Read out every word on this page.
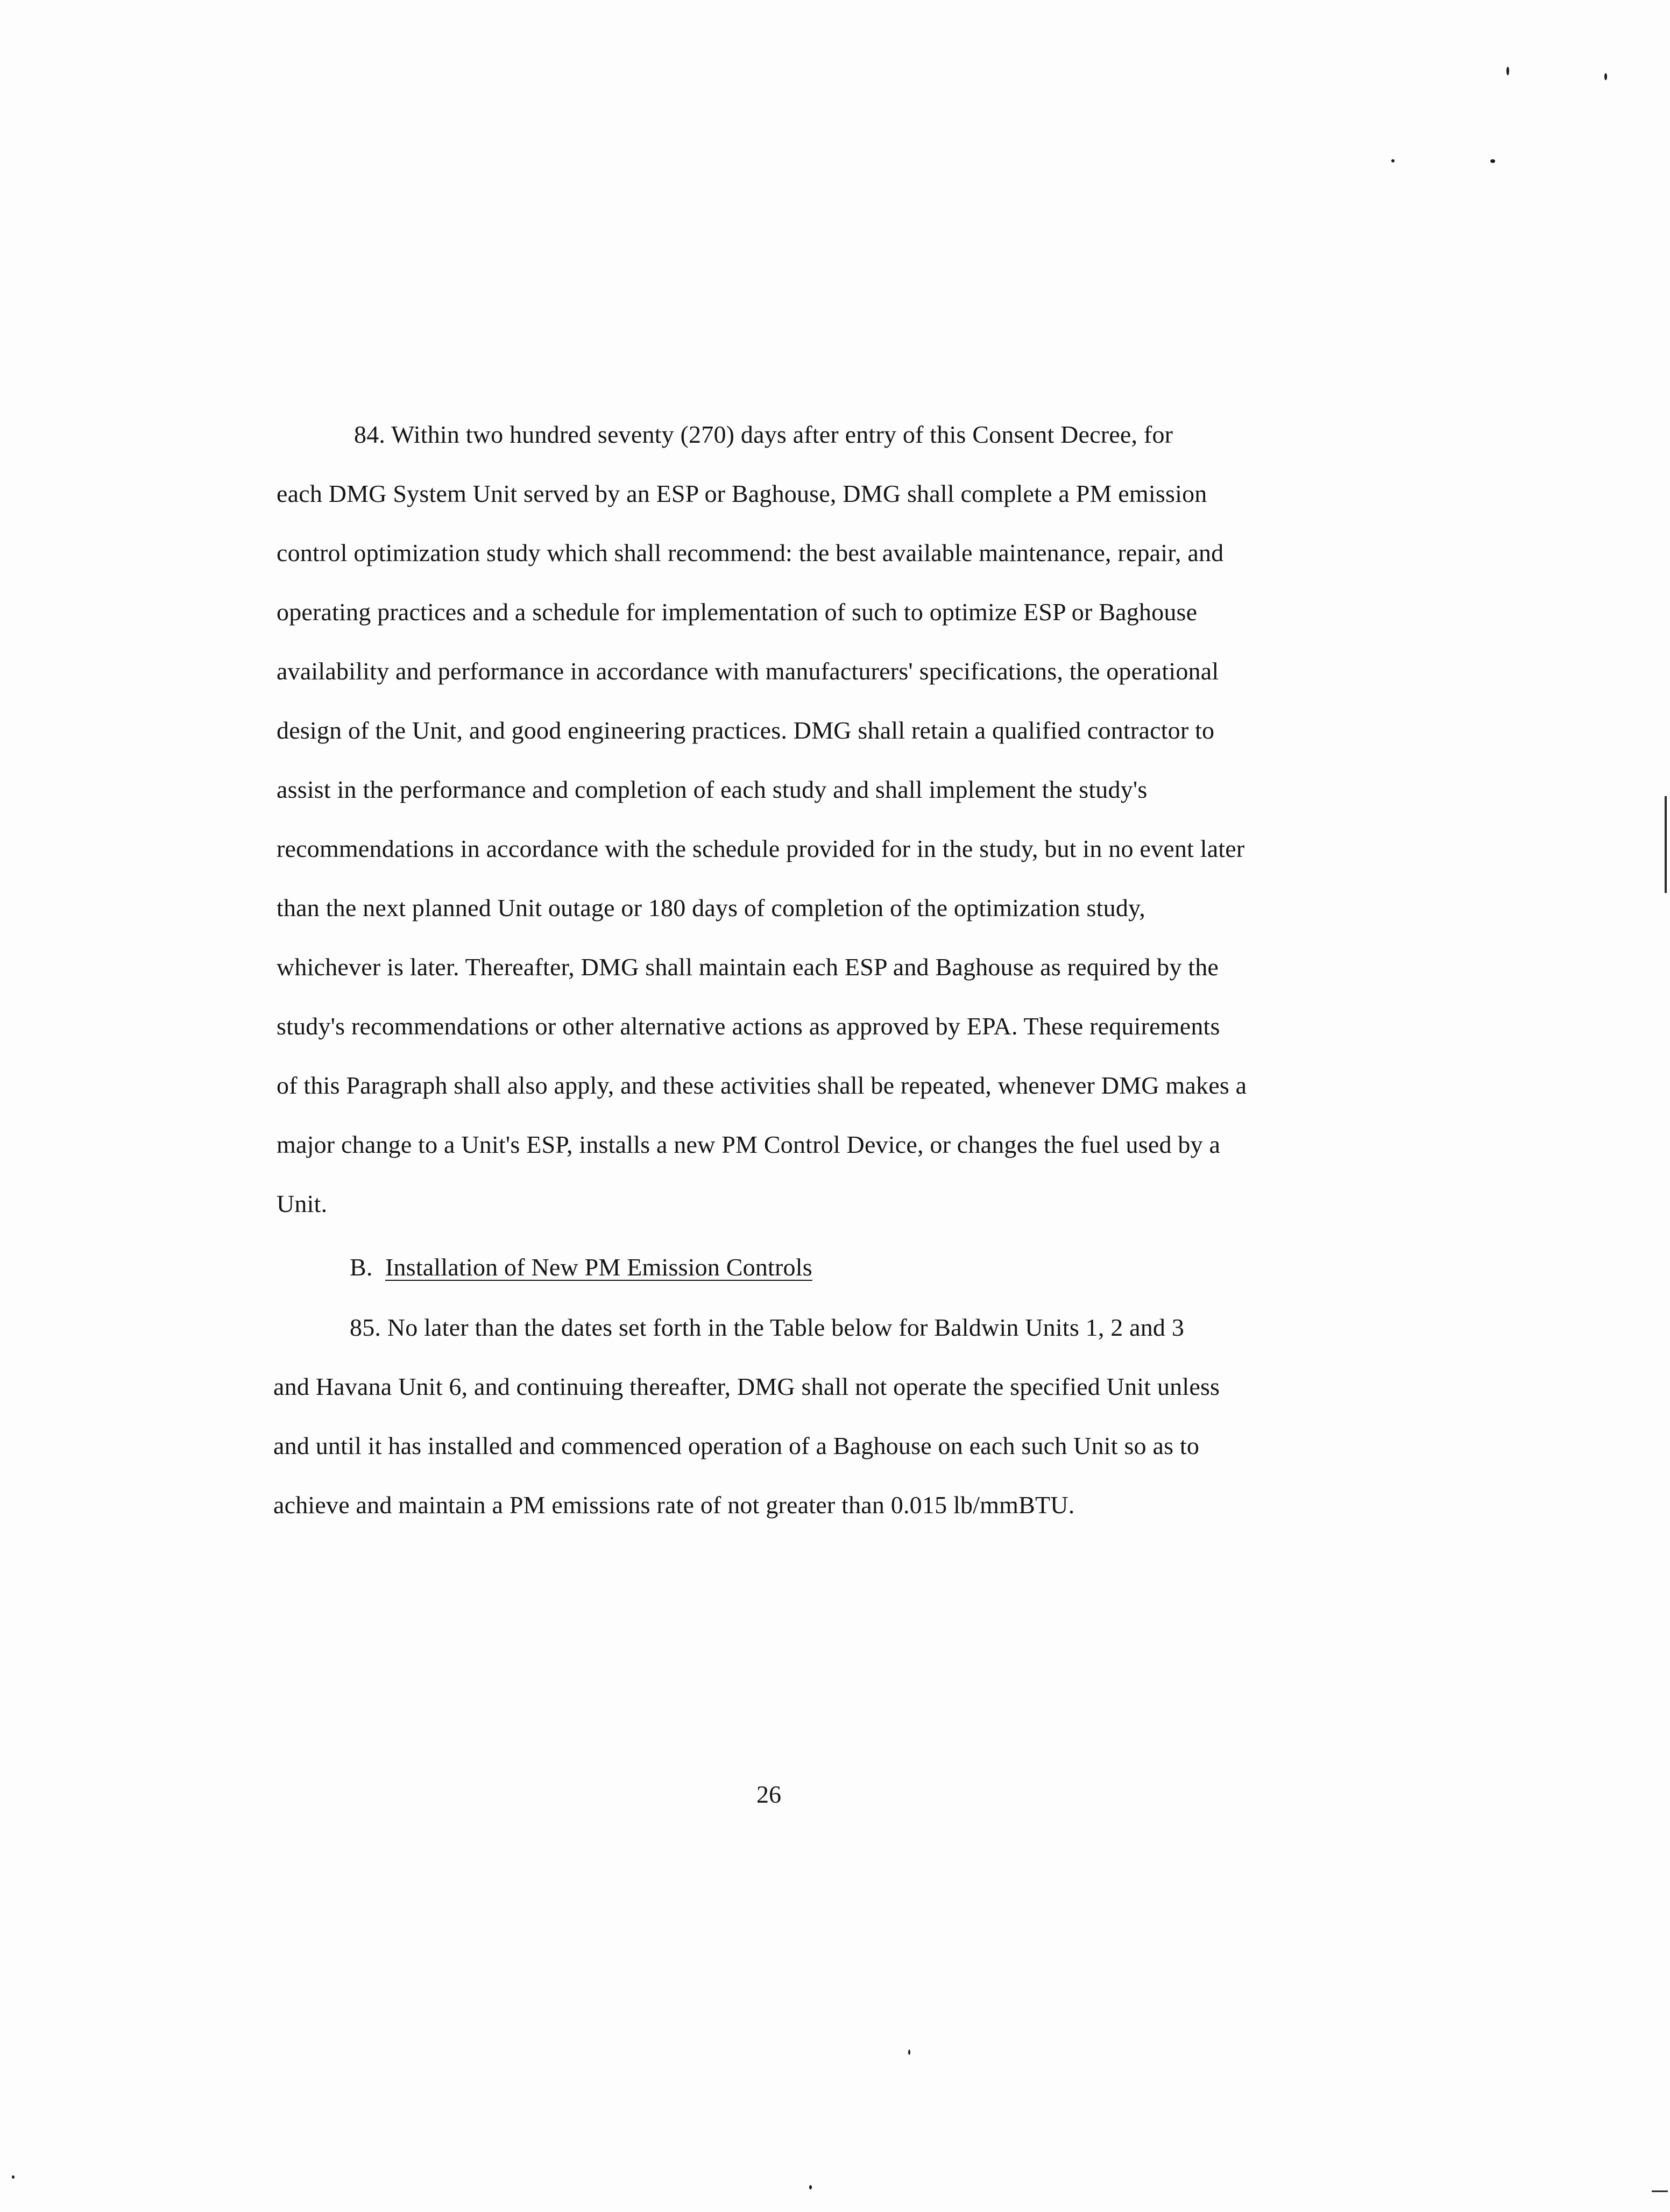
84. Within two hundred seventy (270) days after entry of this Consent Decree, for

each DMG System Unit served by an ESP or Baghouse, DMG shall complete a PM emission

control optimization study which shall recommend: the best available maintenance, repair, and

operating practices and a schedule for implementation of such to optimize ESP or Baghouse

availability and performance in accordance with manufacturers' specifications, the operational

design of the Unit, and good engineering practices. DMG shall retain a qualified contractor to

assist in the performance and completion of each study and shall implement the study's

recommendations in accordance with the schedule provided for in the study, but in no event later

than the next planned Unit outage or 180 days of completion of the optimization study,

whichever is later. Thereafter, DMG shall maintain each ESP and Baghouse as required by the

study's recommendations or other alternative actions as approved by EPA. These requirements

of this Paragraph shall also apply, and these activities shall be repeated, whenever DMG makes a

major change to a Unit's ESP, installs a new PM Control Device, or changes the fuel used by a

Unit.

B. Installation of New PM Emission Controls

85. No later than the dates set forth in the Table below for Baldwin Units 1, 2 and 3

and Havana Unit 6, and continuing thereafter, DMG shall not operate the specified Unit unless

and until it has installed and commenced operation of a Baghouse on each such Unit so as to

achieve and maintain a PM emissions rate of not greater than 0.015 lb/mmBTU.

26
